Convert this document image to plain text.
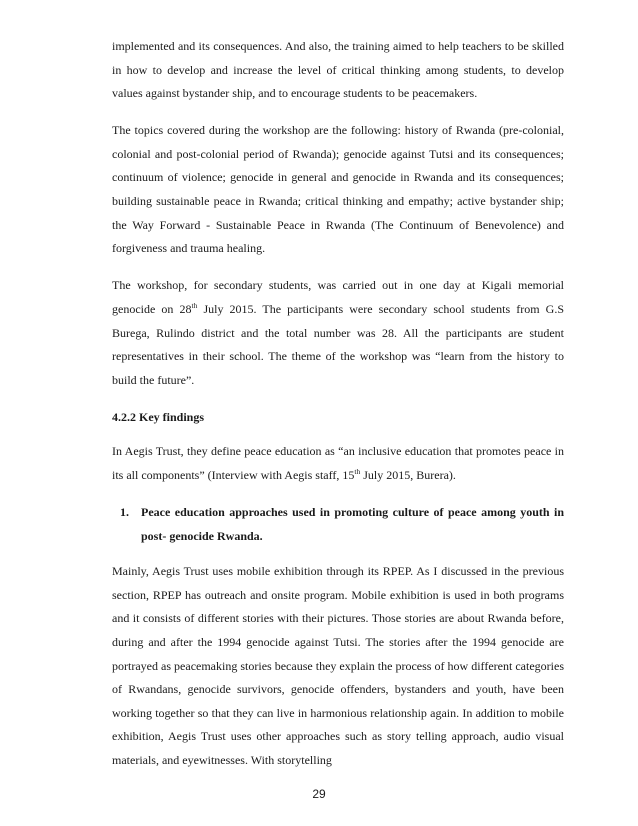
implemented and its consequences. And also, the training aimed to help teachers to be skilled in how to develop and increase the level of critical thinking among students, to develop values against bystander ship, and to encourage students to be peacemakers.

The topics covered during the workshop are the following: history of Rwanda (pre-colonial, colonial and post-colonial period of Rwanda); genocide against Tutsi and its consequences; continuum of violence; genocide in general and genocide in Rwanda and its consequences; building sustainable peace in Rwanda; critical thinking and empathy; active bystander ship; the Way Forward - Sustainable Peace in Rwanda (The Continuum of Benevolence) and forgiveness and trauma healing.

The workshop, for secondary students, was carried out in one day at Kigali memorial genocide on 28th July 2015. The participants were secondary school students from G.S Burega, Rulindo district and the total number was 28. All the participants are student representatives in their school. The theme of the workshop was “learn from the history to build the future”.

4.2.2 Key findings

In Aegis Trust, they define peace education as “an inclusive education that promotes peace in its all components” (Interview with Aegis staff, 15th July 2015, Burera).

1. Peace education approaches used in promoting culture of peace among youth in post- genocide Rwanda.

Mainly, Aegis Trust uses mobile exhibition through its RPEP. As I discussed in the previous section, RPEP has outreach and onsite program. Mobile exhibition is used in both programs and it consists of different stories with their pictures. Those stories are about Rwanda before, during and after the 1994 genocide against Tutsi. The stories after the 1994 genocide are portrayed as peacemaking stories because they explain the process of how different categories of Rwandans, genocide survivors, genocide offenders, bystanders and youth, have been working together so that they can live in harmonious relationship again. In addition to mobile exhibition, Aegis Trust uses other approaches such as story telling approach, audio visual materials, and eyewitnesses. With storytelling

29
